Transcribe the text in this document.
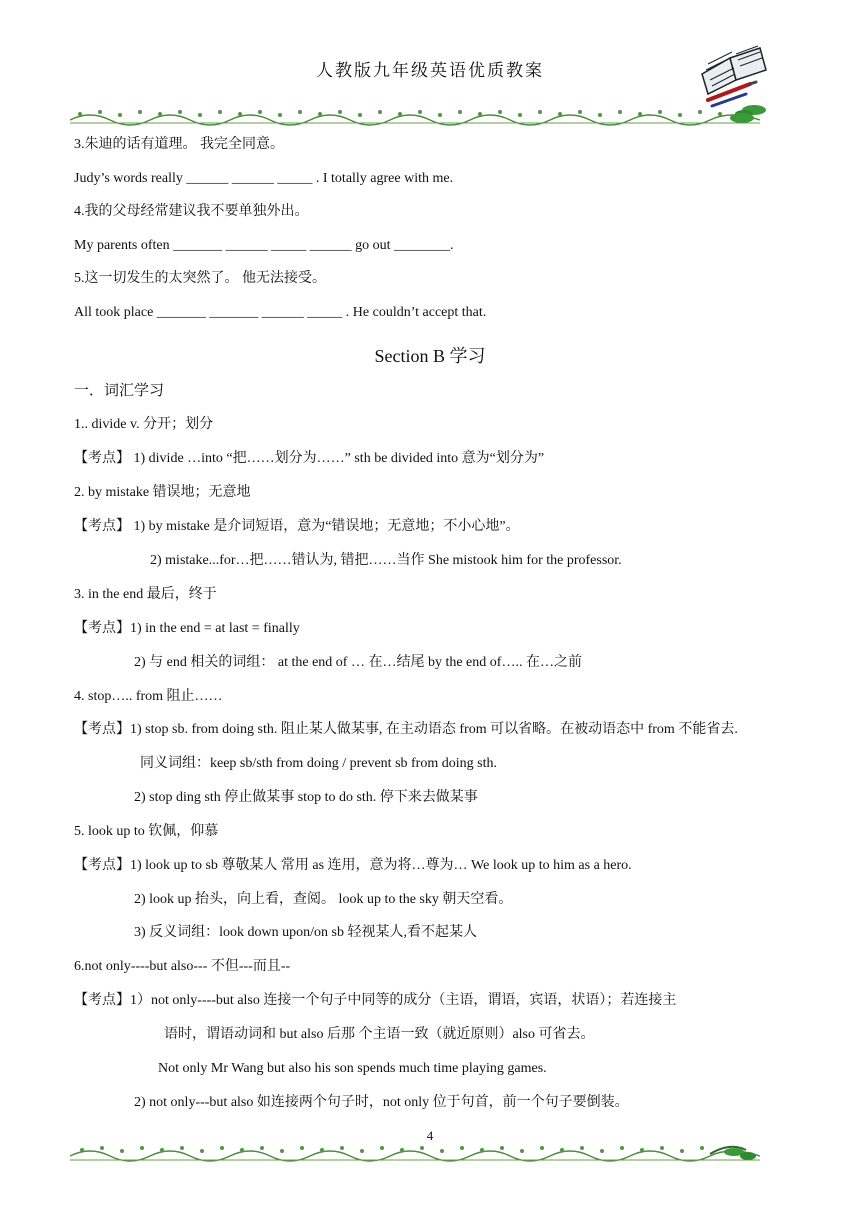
人教版九年级英语优质教案
3.朱迪的话有道理。 我完全同意。
Judy’s words really ______ ______ _____ . I totally agree with me.
4.我的父母经常建议我不要单独外出。
My parents often _______ ______ _____ ______ go out ________.
5.这一切发生的太突然了。 他无法接受。
All took place _______ _______ ______ _____ . He couldn’t accept that.
Section B 学习
一．词汇学习
1.. divide v. 分开；划分
【考点】 1) divide …into “把……划分为……” sth be divided into 意为“划分为”
2. by mistake 错误地；无意地
【考点】 1) by mistake 是介词短语，意为“错误地；无意地；不小心地”。
2) mistake...for…把……错认为, 错把……当作 She mistook him for the professor.
3. in the end 最后，终于
【考点】1) in the end = at last = finally
2) 与 end 相关的词组： at the end of … 在…结尾 by the end of….. 在…之前
4. stop….. from 阻止……
【考点】1) stop sb. from doing sth. 阻止某人做某事, 在主动语态 from 可以省略。在被动语态中 from 不能省去.
同义词组：keep sb/sth from doing / prevent sb from doing sth.
2) stop ding sth 停止做某事 stop to do sth. 停下来去做某事
5. look up to 钦佩，仰慕
【考点】1) look up to sb 尊敬某人 常用 as 连用，意为将…尊为… We look up to him as a hero.
2) look up 抬头，向上看，查阅。 look up to the sky 朝天空看。
3) 反义词组：look down upon/on sb 轻视某人,看不起某人
6.not only----but also--- 不但---而且--
【考点】1）not only----but also 连接一个句子中同等的成分（主语，谓语，宾语，状语）；若连接主
语时，谓语动词和 but also 后那 个主语一致（就近原则）also 可省去。
Not only Mr Wang but also his son spends much time playing games.
2) not only---but also 如连接两个句子时，not only 位于句首，前一个句子要倒装。
4
